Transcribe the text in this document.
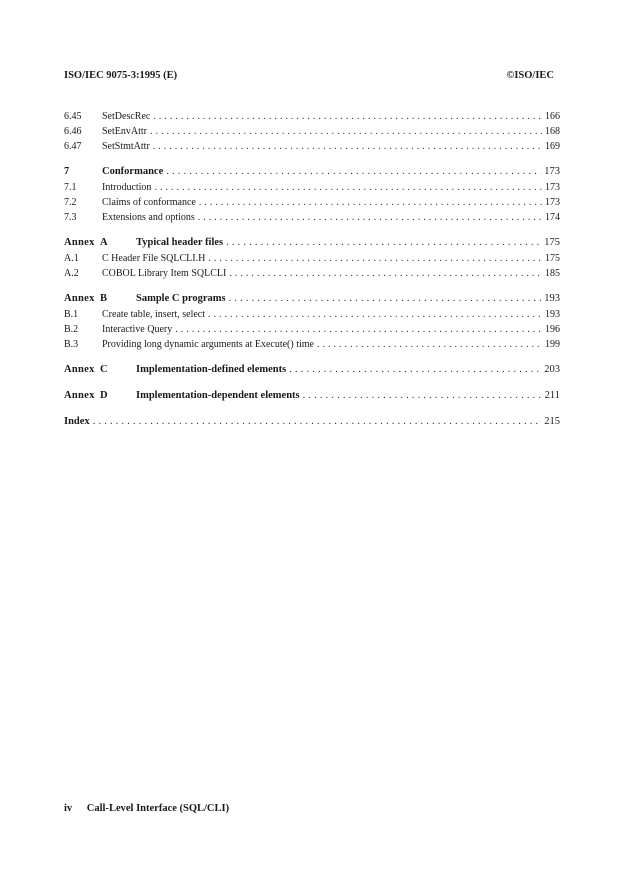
ISO/IEC 9075-3:1995 (E)	©ISO/IEC
6.45	SetDescRec . . .	166
6.46	SetEnvAttr . . .	168
6.47	SetStmtAttr . . .	169
7	Conformance . . .	173
7.1	Introduction . . .	173
7.2	Claims of conformance . . .	173
7.3	Extensions and options . . .	174
Annex A	Typical header files . . .	175
A.1	C Header File SQLCLI.H . . .	175
A.2	COBOL Library Item SQLCLI . . .	185
Annex B	Sample C programs . . .	193
B.1	Create table, insert, select . . .	193
B.2	Interactive Query . . .	196
B.3	Providing long dynamic arguments at Execute() time . . .	199
Annex C	Implementation-defined elements . . .	203
Annex D	Implementation-dependent elements . . .	211
Index . . .	215
iv Call-Level Interface (SQL/CLI)
